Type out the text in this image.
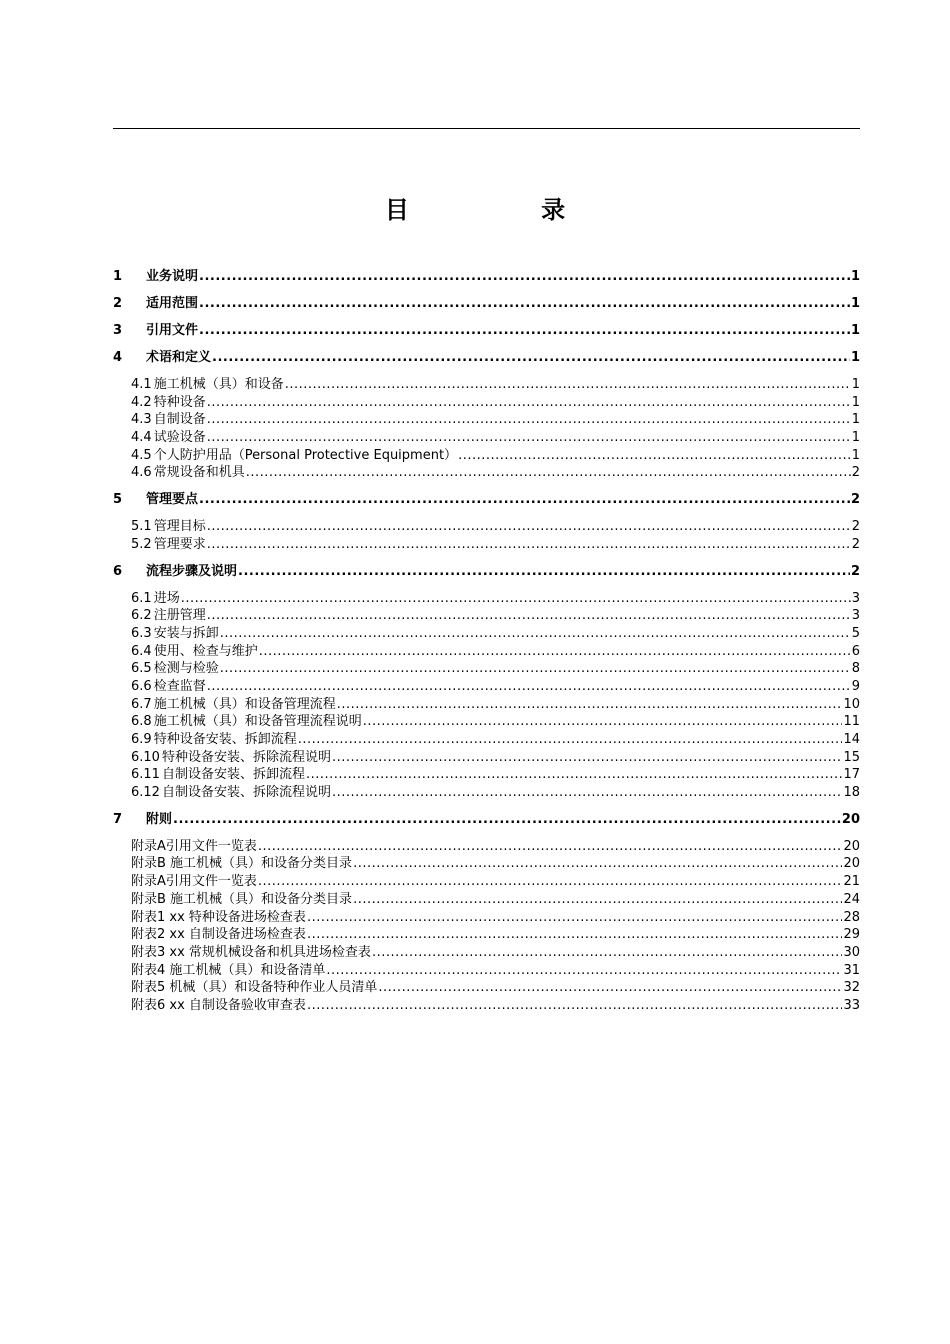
目 录
1 业务说明 .....	1
2 适用范围 .....	1
3 引用文件 .....	1
4 术语和定义 .....	1
4.1 施工机械（具）和设备 .....	1
4.2 特种设备 .....	1
4.3 自制设备 .....	1
4.4 试验设备 .....	1
4.5 个人防护用品（Personal Protective Equipment） .....	1
4.6 常规设备和机具 .....	2
5 管理要点 .....	2
5.1 管理目标 .....	2
5.2 管理要求 .....	2
6 流程步骤及说明 .....	2
6.1 进场 .....	3
6.2 注册管理 .....	3
6.3 安装与拆卸 .....	5
6.4 使用、检查与维护 .....	6
6.5 检测与检验 .....	8
6.6 检查监督 .....	9
6.7 施工机械（具）和设备管理流程 .....	10
6.8 施工机械（具）和设备管理流程说明 .....	11
6.9 特种设备安装、拆卸流程 .....	14
6.10 特种设备安装、拆除流程说明 .....	15
6.11 自制设备安装、拆卸流程 .....	17
6.12 自制设备安装、拆除流程说明 .....	18
7 附则 .....	20
附录A引用文件一览表 .....	20
附录B 施工机械（具）和设备分类目录 .....	20
附录A引用文件一览表 .....	21
附录B 施工机械（具）和设备分类目录 .....	24
附表1 xx 特种设备进场检查表 .....	28
附表2 xx 自制设备进场检查表 .....	29
附表3 xx 常规机械设备和机具进场检查表 .....	30
附表4 施工机械（具）和设备清单 .....	31
附表5 机械（具）和设备特种作业人员清单 .....	32
附表6 xx 自制设备验收审查表 .....	33
